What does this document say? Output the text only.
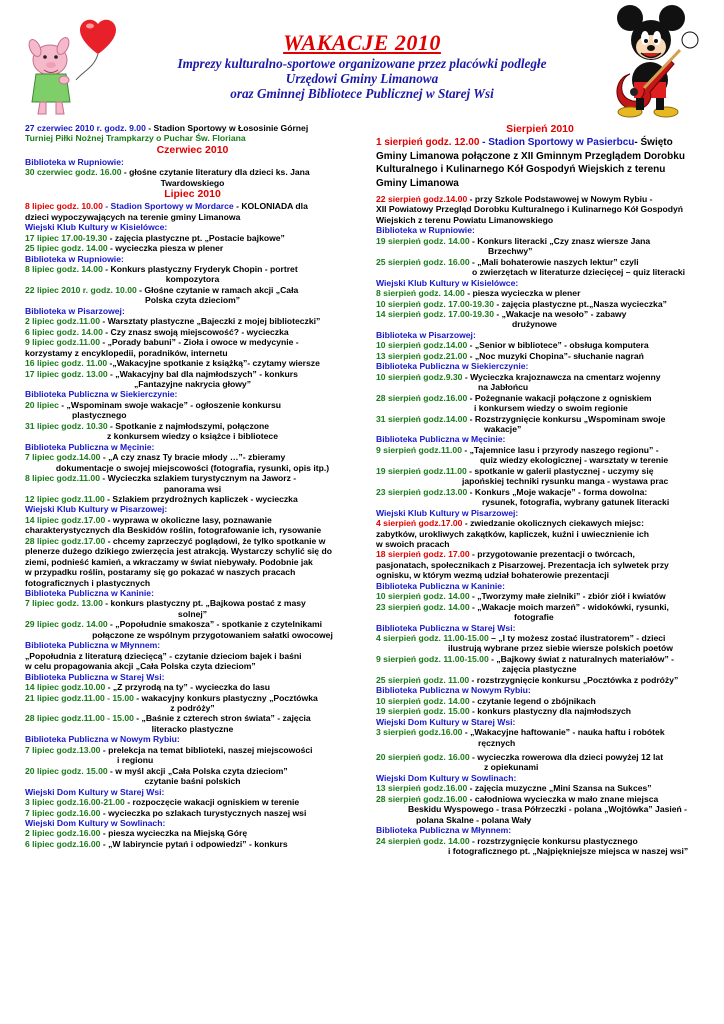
WAKACJE 2010
Imprezy kulturalno-sportowe organizowane przez placówki podległe
Urzędowi Gminy Limanowa
oraz Gminnej Bibliotece Publicznej w Starej Wsi
27 czerwiec 2010 r. godz. 9.00 - Stadion Sportowy w Łososinie Górnej
Turniej Piłki Nożnej Trampkarzy o Puchar Św. Floriana
Czerwiec 2010
Biblioteka w Rupniowie:
30 czerwiec godz. 16.00 - głośne czytanie literatury dla dzieci ks. Jana
Twardowskiego
Lipiec 2010
8 lipiec godz. 10.00 - Stadion Sportowy w Mordarce - KOLONIADA dla
dzieci wypoczywających na terenie gminy Limanowa
Wiejski Klub Kultury w Kisielówce:
17 lipiec 17.00-19.30 - zajęcia plastyczne pt. „Postacie bajkowe”
25 lipiec godz. 14.00 - wycieczka piesza w plener
Biblioteka w Rupniowie:
8 lipiec godz. 14.00 - Konkurs plastyczny Fryderyk Chopin - portret
kompozytora
22 lipiec 2010 r. godz. 10.00 - Głośne czytanie w ramach akcji „Cała
Polska czyta dzieciom”
Biblioteka w Pisarzowej:
2 lipiec godz.11.00 - Warsztaty plastyczne „Bajeczki z mojej biblioteczki”
6 lipiec godz. 14.00 - Czy znasz swoją miejscowość? - wycieczka
9 lipiec godz.11.00 - „Porady babuni” - Zioła i owoce w medycynie -
korzystamy z encyklopedii, poradników, internetu
16 lipiec godz. 11.00 -„Wakacyjne spotkanie z książką”- czytamy wiersze
17 lipiec godz. 13.00 - „Wakacyjny bal dla najmłodszych” - konkurs
„Fantazyjne nakrycia głowy”
Biblioteka Publiczna w Siekierczynie:
20 lipiec - „Wspominam swoje wakacje” - ogłoszenie konkursu
plastycznego
31 lipiec godz. 10.30 - Spotkanie z najmłodszymi, połączone
z konkursem wiedzy o książce i bibliotece
Biblioteka Publiczna w Męcinie:
7 lipiec godz.14.00 - „A czy znasz Ty bracie młody …”- zbieramy
dokumentacje o swojej miejscowości (fotografia, rysunki, opis itp.)
8 lipiec godz.11.00 - Wycieczka szlakiem turystycznym na Jaworz -
panorama wsi
12 lipiec godz.11.00 - Szlakiem przydrożnych kapliczek - wycieczka
Wiejski Klub Kultury w Pisarzowej:
14 lipiec godz.17.00 - wyprawa w okoliczne lasy, poznawanie
charakterystycznych dla Beskidów roślin, fotografowanie ich, rysowanie
28 lipiec godz.17.00 - chcemy zaprzeczyć poglądowi, że tylko spotkanie w
plenerze dużego dzikiego zwierzęcia jest atrakcją. Wystarczy schylić się do
ziemi, podnieść kamień, a wkraczamy w świat niebywały. Podobnie jak
w przypadku roślin, postaramy się go pokazać w naszych pracach
fotograficznych i plastycznych
Biblioteka Publiczna w Kaninie:
7 lipiec godz. 13.00 - konkurs plastyczny pt. „Bajkowa postać z masy
solnej”
29 lipiec godz. 14.00 - „Popołudnie smakosza” - spotkanie z czytelnikami
połączone ze wspólnym przygotowaniem sałatki owocowej
Biblioteka Publiczna w Młynnem:
„Popołudnia z literaturą dziecięcą” - czytanie dzieciom bajek i baśni
w celu propagowania akcji „Cała Polska czyta dzieciom”
Biblioteka Publiczna w Starej Wsi:
14 lipiec godz.10.00 - „Z przyrodą na ty” - wycieczka do lasu
21 lipiec godz.11.00 - 15.00 - wakacyjny konkurs plastyczny „Pocztówka
z podróży”
28 lipiec godz.11.00 - 15.00 - „Baśnie z czterech stron świata” - zajęcia
literacko plastyczne
Biblioteka Publiczna w Nowym Rybiu:
7 lipiec godz.13.00 - prelekcja na temat biblioteki, naszej miejscowości
i regionu
20 lipiec godz. 15.00 - w myśl akcji „Cała Polska czyta dzieciom”
czytanie baśni polskich
Wiejski Dom Kultury w Starej Wsi:
3 lipiec godz.16.00-21.00 - rozpoczęcie wakacji ogniskiem w terenie
7 lipiec godz.16.00 - wycieczka po szlakach turystycznych naszej wsi
Wiejski Dom Kultury w Sowlinach:
2 lipiec godz.16.00 - piesza wycieczka na Miejską Górę
6 lipiec godz.16.00 - „W labiryncie pytań i odpowiedzi” - konkurs
Sierpień 2010
1 sierpień godz. 12.00 - Stadion Sportowy w Pasierbcu- Święto
Gminy Limanowa połączone z XII Gminnym Przeglądem Dorobku
Kulturalnego i Kulinarnego Kół Gospodyń Wiejskich z terenu
Gminy Limanowa
22 sierpień godz.14.00 - przy Szkole Podstawowej w Nowym Rybiu -
XII Powiatowy Przegląd Dorobku Kulturalnego i Kulinarnego Kół Gospodyń
Wiejskich z terenu Powiatu Limanowskiego
Biblioteka w Rupniowie:
19 sierpień godz. 14.00 - Konkurs literacki „Czy znasz wiersze Jana
Brzechwy”
25 sierpień godz. 16.00 - „Mali bohaterowie naszych lektur” czyli
o zwierzętach w literaturze dziecięcej – quiz literacki
Wiejski Klub Kultury w Kisielówce:
8 sierpień godz. 14.00 - piesza wycieczka w plener
10 sierpień godz. 17.00-19.30 - zajęcia plastyczne pt.„Nasza wycieczka”
14 sierpień godz. 17.00-19.30 - „Wakacje na wesoło” - zabawy
drużynowe
Biblioteka w Pisarzowej:
10 sierpień godz.14.00 - „Senior w bibliotece” - obsługa komputera
13 sierpień godz.21.00 - „Noc muzyki Chopina”- słuchanie nagrań
Biblioteka Publiczna w Siekierczynie:
10 sierpień godz.9.30 - Wycieczka krajoznawcza na cmentarz wojenny
na Jabłońcu
28 sierpień godz.16.00 - Pożegnanie wakacji połączone z ogniskiem
i konkursem wiedzy o swoim regionie
31 sierpień godz.14.00 - Rozstrzygnięcie konkursu „Wspominam swoje
wakacje”
Biblioteka Publiczna w Męcinie:
9 sierpień godz.11.00 - „Tajemnice lasu i przyrody naszego regionu” -
quiz wiedzy ekologicznej - warsztaty w terenie
19 sierpień godz.11.00 - spotkanie w galerii plastycznej - uczymy się
japońskiej techniki rysunku manga - wystawa prac
23 sierpień godz.13.00 - Konkurs „Moje wakacje” - forma dowolna:
rysunek, fotografia, wybrany gatunek literacki
Wiejski Klub Kultury w Pisarzowej:
4 sierpień godz.17.00 - zwiedzanie okolicznych ciekawych miejsc:
zabytków, urokliwych zakątków, kapliczek, kuźni i uwiecznienie ich
w swoich pracach
18 sierpień godz. 17.00 - przygotowanie prezentacji o twórcach,
pasjonatach, społecznikach z Pisarzowej. Prezentacja ich sylwetek przy
ognisku, w którym wezmą udział bohaterowie prezentacji
Biblioteka Publiczna w Kaninie:
10 sierpień godz. 14.00 - „Tworzymy małe zielniki” - zbiór ziół i kwiatów
23 sierpień godz. 14.00 - „Wakacje moich marzeń” - widokówki, rysunki,
fotografie
Biblioteka Publiczna w Starej Wsi:
4 sierpień godz. 11.00-15.00 – „I ty możesz zostać ilustratorem” - dzieci
ilustrują wybrane przez siebie wiersze polskich poetów
9 sierpień godz. 11.00-15.00 - „Bajkowy świat z naturalnych materiałów” -
zajęcia plastyczne
25 sierpień godz. 11.00 - rozstrzygnięcie konkursu „Pocztówka z podróży”
Biblioteka Publiczna w Nowym Rybiu:
10 sierpień godz. 14.00 - czytanie legend o zbójnikach
19 sierpień godz. 15.00 - konkurs plastyczny dla najmłodszych
Wiejski Dom Kultury w Starej Wsi:
3 sierpień godz.16.00 - „Wakacyjne haftowanie” - nauka haftu i robótek
ręcznych
20 sierpień godz. 16.00 - wycieczka rowerowa dla dzieci powyżej 12 lat
z opiekunami
Wiejski Dom Kultury w Sowlinach:
13 sierpień godz.16.00 - zajęcia muzyczne „Mini Szansa na Sukces”
28 sierpień godz.16.00 - całodniowa wycieczka w mało znane miejsca
Beskidu Wyspowego - trasa Półrzeczki - polana „Wojtówka” Jasień -
polana Skalne - polana Wały
Biblioteka Publiczna w Młynnem:
24 sierpień godz. 14.00 - rozstrzygnięcie konkursu plastycznego
i fotograficznego pt. „Najpiękniejsze miejsca w naszej wsi”
